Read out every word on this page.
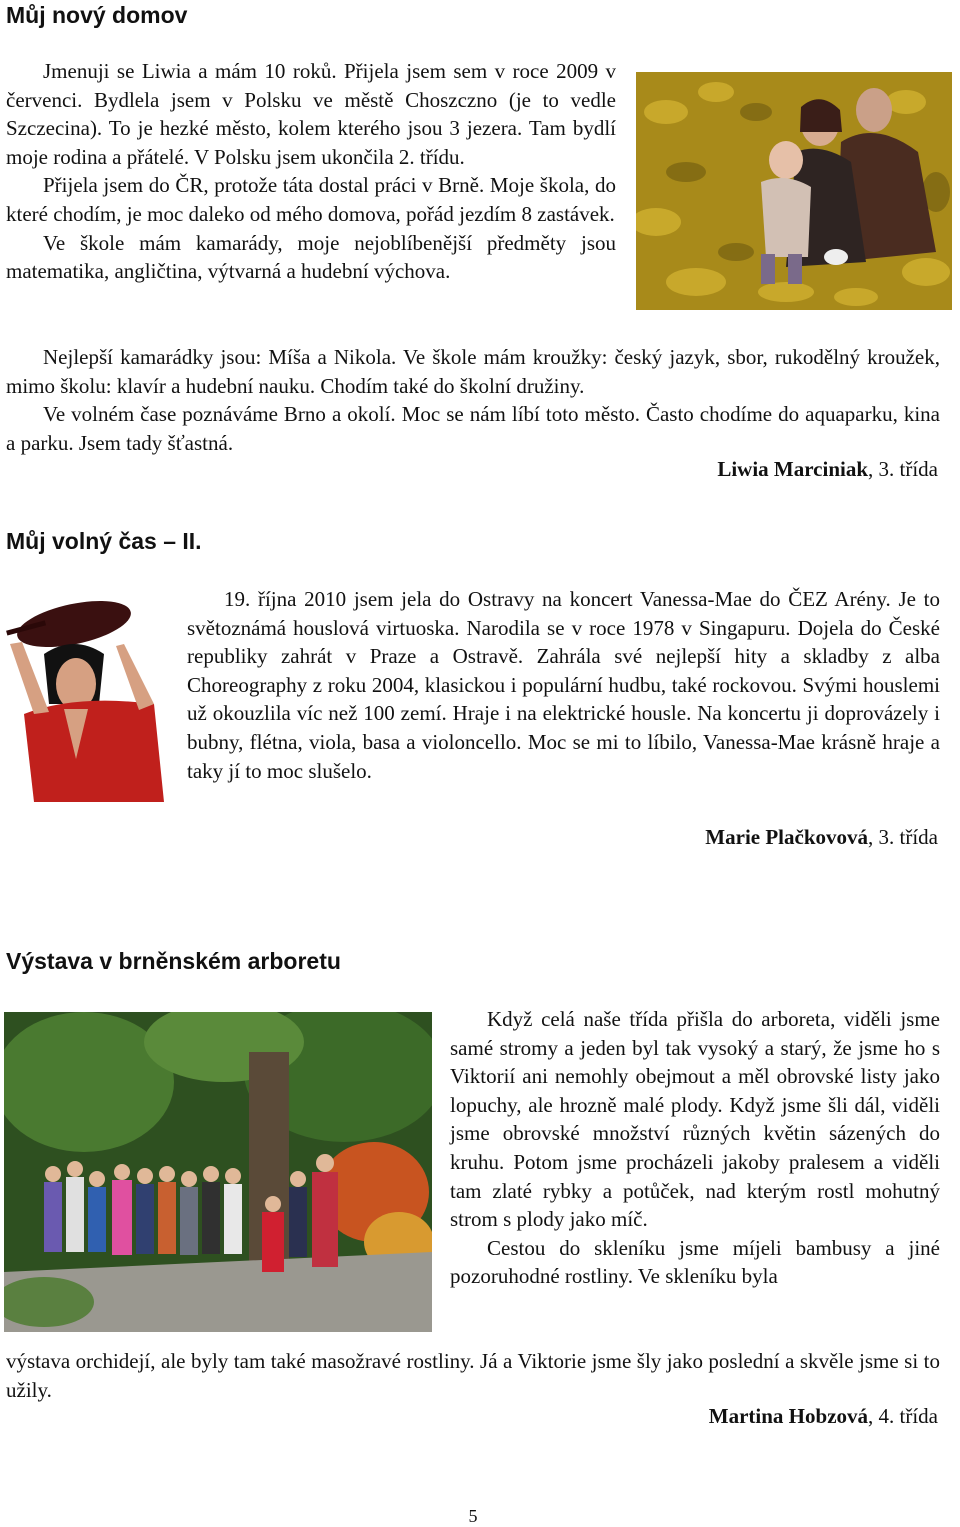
Můj nový domov

Jmenuji se Liwia a mám 10 roků. Přijela jsem sem v roce 2009 v červenci. Bydlela jsem v Polsku ve městě Choszczno (je to vedle Szczecina). To je hezké město, kolem kterého jsou 3 jezera. Tam bydlí moje rodina a přátelé. V Polsku jsem ukončila 2. třídu.

Přijela jsem do ČR, protože táta dostal práci v Brně. Moje škola, do které chodím, je moc daleko od mého domova, pořád jezdím 8 zastávek.

Ve škole mám kamarády, moje nejoblíbenější předměty jsou matematika, angličtina, výtvarná a hudební výchova.

Nejlepší kamarádky jsou: Míša a Nikola. Ve škole mám kroužky: český jazyk, sbor, rukodělný kroužek, mimo školu: klavír a hudební nauku. Chodím také do školní družiny.

Ve volném čase poznáváme Brno a okolí. Moc se nám líbí toto město. Často chodíme do aquaparku, kina a parku. Jsem tady šťastná.

Liwia Marciniak, 3. třída
Můj volný čas – II.

19. října 2010 jsem jela do Ostravy na koncert Vanessa-Mae do ČEZ Arény. Je to světoznámá houslová virtuoska. Narodila se v roce 1978 v Singapuru. Dojela do České republiky zahrát v Praze a Ostravě. Zahrála své nejlepší hity a skladby z alba Choreography z roku 2004, klasickou i populární hudbu, také rockovou. Svými houslemi už okouzlila víc než 100 zemí. Hraje i na elektrické housle. Na koncertu ji doprovázely i bubny, flétna, viola, basa a violoncello. Moc se mi to líbilo, Vanessa-Mae krásně hraje a taky jí to moc slušelo.

Marie Plačkovová, 3. třída
Výstava v brněnském arboretu

Když celá naše třída přišla do arboreta, viděli jsme samé stromy a jeden byl tak vysoký a starý, že jsme ho s Viktorií ani nemohly obejmout a měl obrovské listy jako lopuchy, ale hrozně malé plody. Když jsme šli dál, viděli jsme obrovské množství různých květin sázených do kruhu. Potom jsme procházeli jakoby pralesem a viděli tam zlaté rybky a potůček, nad kterým rostl mohutný strom s plody jako míč.

Cestou do skleníku jsme míjeli bambusy a jiné pozoruhodné rostliny. Ve skleníku byla

výstava orchidejí, ale byly tam také masožravé rostliny. Já a Viktorie jsme šly jako poslední a skvěle jsme si to užily.

Martina Hobzová, 4. třída
5
